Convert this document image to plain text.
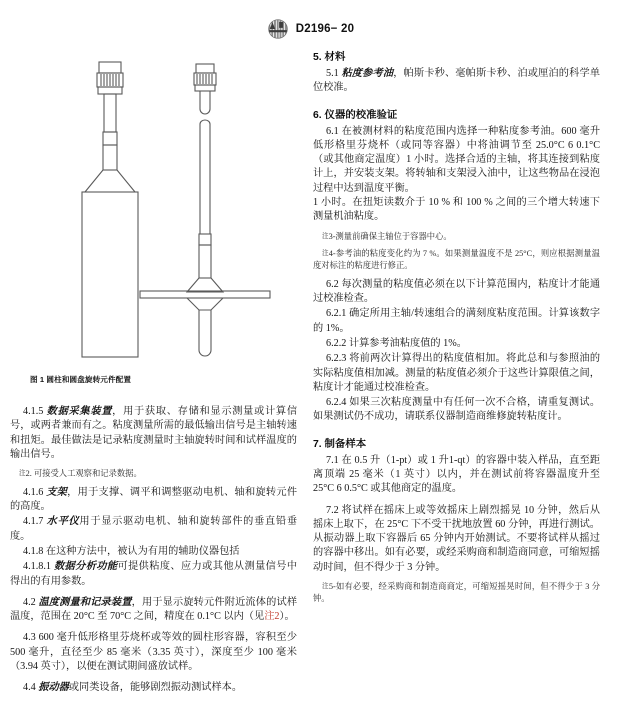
D2196− 20
图 1 圆柱和圆盘旋转元件配置

4.1.5 数据采集装置，用于获取、存储和显示测量或计算信号，或两者兼而有之。粘度测量所需的最低输出信号是主轴转速和扭矩。最佳做法是记录粘度测量时主轴旋转时间和试样温度的输出信号。

注2. 可接受人工观察和记录数据。

4.1.6 支架，用于支撑、调平和调整驱动电机、轴和旋转元件的高度。

4.1.7 水平仪用于显示驱动电机、轴和旋转部件的垂直铅垂度。

4.1.8 在这种方法中，被认为有用的辅助仪器包括

4.1.8.1 数据分析功能可提供粘度、应力或其他从测量信号中得出的有用参数。

4.2 温度测量和记录装置，用于显示旋转元件附近流体的试样温度，范围在 20°C 至 70°C 之间，精度在 0.1°C 以内（见注2）。

4.3 600 毫升低形格里芬烧杯或等效的圆柱形容器，容积至少 500 毫升，直径至少 85 毫米（3.35 英寸），深度至少 100 毫米（3.94 英寸），以便在测试期间盛放试样。

4.4 振动器或同类设备，能够剧烈振动测试样本。

5. 材料

5.1 粘度参考油，帕斯卡秒、毫帕斯卡秒、泊或厘泊的科学单位校准。

6. 仪器的校准验证

6.1 在被测材料的粘度范围内选择一种粘度参考油。600 毫升低形格里芬烧杯（或同等容器）中将油调节至 25.0°C 6 0.1°C（或其他商定温度）1 小时。选择合适的主轴，将其连接到粘度计上，并安装支架。将转轴和支架浸入油中，让这些物品在浸泡过程中达到温度平衡。

1 小时。在扭矩读数介于 10 % 和 100 % 之间的三个增大转速下测量机油粘度。

注3-测量前确保主轴位于容器中心。

注4-参考油的粘度变化约为 7 %。如果测量温度不是 25°C，则应根据测量温度对标注的粘度进行修正。

6.2 每次测量的粘度值必须在以下计算范围内，粘度计才能通过校准检查。

6.2.1 确定所用主轴/转速组合的满刻度粘度范围。计算该数字的 1%。

6.2.2 计算参考油粘度值的 1%。

6.2.3 将前两次计算得出的粘度值相加。将此总和与参照油的实际粘度值相加减。测量的粘度值必须介于这些计算限值之间，粘度计才能通过校准检查。

6.2.4 如果三次粘度测量中有任何一次不合格，请重复测试。如果测试仍不成功，请联系仪器制造商维修旋转粘度计。

7. 制备样本

7.1 在 0.5 升（1-pt）或 1 升1-qt）的容器中装入样品，直至距离顶端 25 毫米（1 英寸）以内，并在测试前将容器温度升至 25°C 6 0.5°C 或其他商定的温度。

7.2 将试样在摇床上或等效摇床上剧烈摇晃 10 分钟，然后从摇床上取下，在 25°C 下不受干扰地放置 60 分钟，再进行测试。从振动器上取下容器后 65 分钟内开始测试。不要将试样从摇过的容器中移出。如有必要，或经采购商和制造商同意，可缩短摇动时间，但不得少于 3 分钟。

注5-如有必要，经采购商和制造商商定，可缩短摇晃时间，但不得少于 3 分钟。
